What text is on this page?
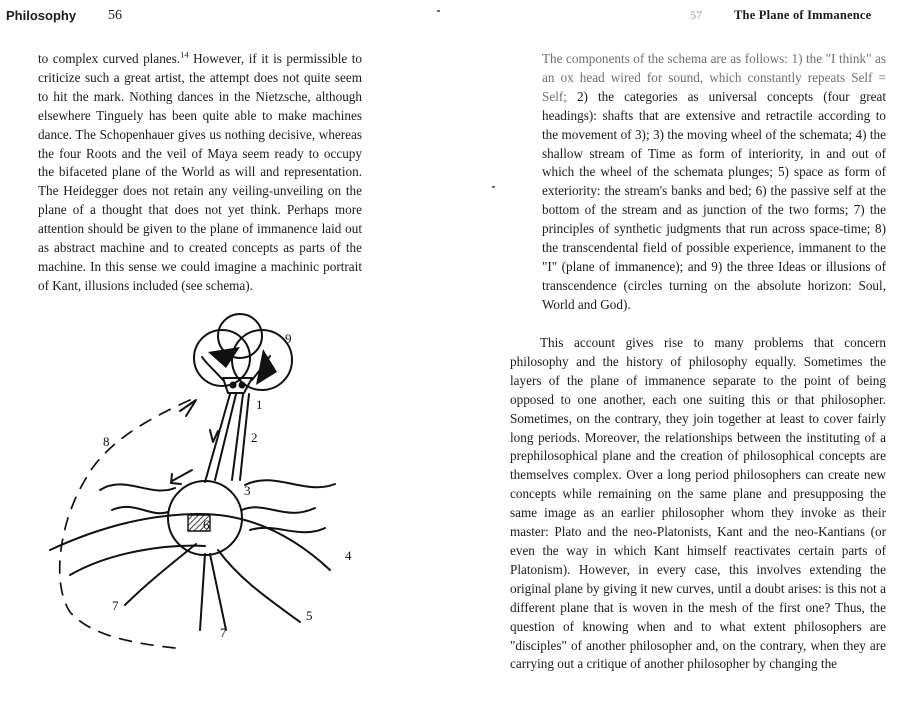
Philosophy 56

to complex curved planes.$^{14}$ However, if it is permissible to criticize such a great artist, the attempt does not quite seem to hit the mark. Nothing dances in the Nietzsche, although elsewhere Tinguely has been quite able to make machines dance. The Schopenhauer gives us nothing decisive, whereas the four Roots and the veil of Maya seem ready to occupy the bifaceted plane of the World as will and representation. The Heidegger does not retain any veiling-unveiling on the plane of a thought that does not yet think. Perhaps more attention should be given to the plane of immanence laid out as abstract machine and to created concepts as parts of the machine. In this sense we could imagine a machinic portrait of Kant, illusions included (see schema).

1
2
3
4
5
6
7
7
8
9
57	The Plane of Immanence

The components of the schema are as follows: 1) the "I think" as an ox head wired for sound, which constantly repeats Self = Self; 2) the categories as universal concepts (four great headings): shafts that are extensive and retractile according to the movement of 3); 3) the moving wheel of the schemata; 4) the shallow stream of Time as form of interiority, in and out of which the wheel of the schemata plunges; 5) space as form of exteriority: the stream's banks and bed; 6) the passive self at the bottom of the stream and as junction of the two forms; 7) the principles of synthetic judgments that run across space-time; 8) the transcendental field of possible experience, immanent to the "I" (plane of immanence); and 9) the three Ideas or illusions of transcendence (circles turning on the absolute horizon: Soul, World and God).

This account gives rise to many problems that concern philosophy and the history of philosophy equally. Sometimes the layers of the plane of immanence separate to the point of being opposed to one another, each one suiting this or that philosopher. Sometimes, on the contrary, they join together at least to cover fairly long periods. Moreover, the relationships between the instituting of a prephilosophical plane and the creation of philosophical concepts are themselves complex. Over a long period philosophers can create new concepts while remaining on the same plane and presupposing the same image as an earlier philosopher whom they invoke as their master: Plato and the neo-Platonists, Kant and the neo-Kantians (or even the way in which Kant himself reactivates certain parts of Platonism). However, in every case, this involves extending the original plane by giving it new curves, until a doubt arises: is this not a different plane that is woven in the mesh of the first one? Thus, the question of knowing when and to what extent philosophers are "disciples" of another philosopher and, on the contrary, when they are carrying out a critique of another philosopher by changing the
